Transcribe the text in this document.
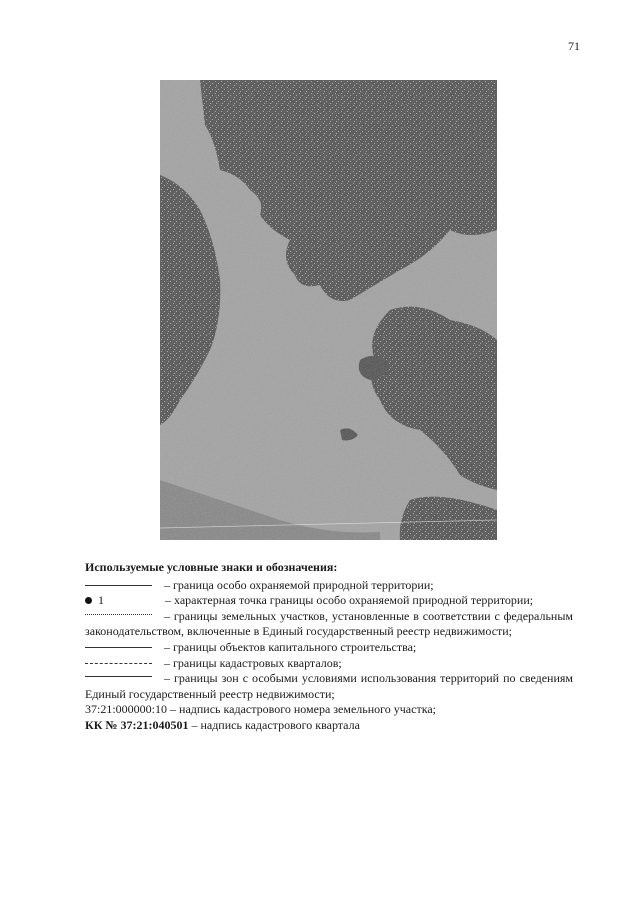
71
Используемые условные знаки и обозначения:
– граница особо охраняемой природной территории;
1	– характерная точка границы особо охраняемой природной территории;
– границы земельных участков, установленные в соответствии с федеральным законодательством, включенные в Единый государственный реестр недвижимости;
– границы объектов капитального строительства;
– границы кадастровых кварталов;
– границы зон с особыми условиями использования территорий по сведениям Единый государственный реестр недвижимости;
37:21:000000:10 – надпись кадастрового номера земельного участка;
КК № 37:21:040501 – надпись кадастрового квартала
